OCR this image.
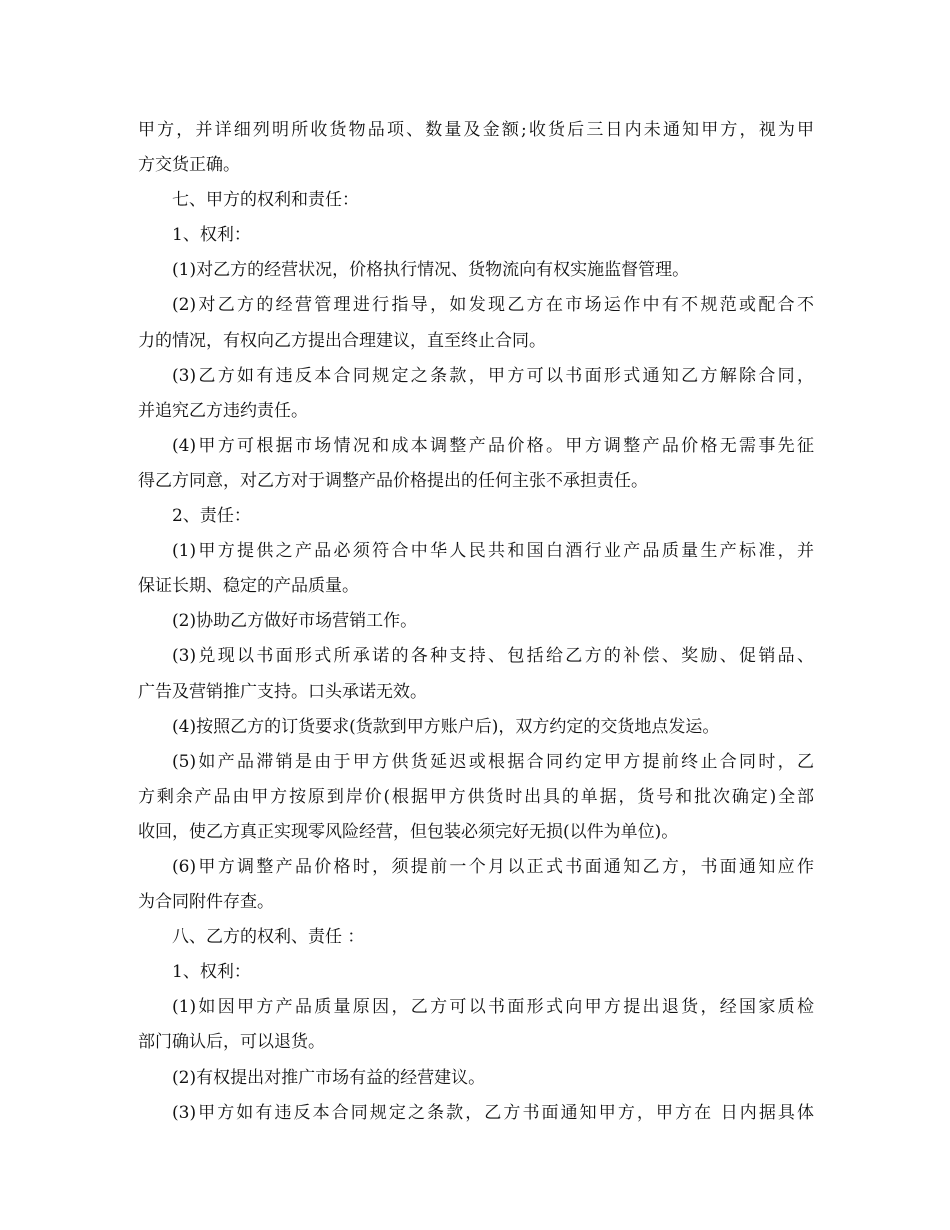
甲方，并详细列明所收货物品项、数量及金额;收货后三日内未通知甲方，视为甲
方交货正确。
七、甲方的权利和责任：
1、权利：
(1)对乙方的经营状况，价格执行情况、货物流向有权实施监督管理。
(2)对乙方的经营管理进行指导，如发现乙方在市场运作中有不规范或配合不
力的情况，有权向乙方提出合理建议，直至终止合同。
(3)乙方如有违反本合同规定之条款，甲方可以书面形式通知乙方解除合同，
并追究乙方违约责任。
(4)甲方可根据市场情况和成本调整产品价格。甲方调整产品价格无需事先征
得乙方同意，对乙方对于调整产品价格提出的任何主张不承担责任。
2、责任：
(1)甲方提供之产品必须符合中华人民共和国白酒行业产品质量生产标准，并
保证长期、稳定的产品质量。
(2)协助乙方做好市场营销工作。
(3)兑现以书面形式所承诺的各种支持、包括给乙方的补偿、奖励、促销品、
广告及营销推广支持。口头承诺无效。
(4)按照乙方的订货要求(货款到甲方账户后)，双方约定的交货地点发运。
(5)如产品滞销是由于甲方供货延迟或根据合同约定甲方提前终止合同时，乙
方剩余产品由甲方按原到岸价(根据甲方供货时出具的单据，货号和批次确定)全部
收回，使乙方真正实现零风险经营，但包装必须完好无损(以件为单位)。
(6)甲方调整产品价格时，须提前一个月以正式书面通知乙方，书面通知应作
为合同附件存查。
八、乙方的权利、责任 ：
1、权利：
(1)如因甲方产品质量原因，乙方可以书面形式向甲方提出退货，经国家质检
部门确认后，可以退货。
(2)有权提出对推广市场有益的经营建议。
(3)甲方如有违反本合同规定之条款，乙方书面通知甲方，甲方在 日内据具体
